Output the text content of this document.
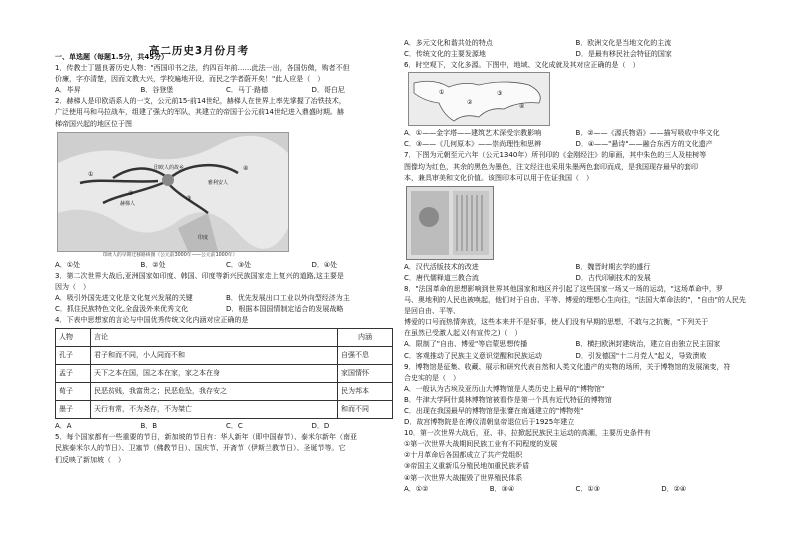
高二历史3月份月考
一、单选题（每题1.5分，共45分）

1．传教士丁题良著历史人物："西国印书之法，约四百年前……此法一出，各国仿傚，购者不但

价廉，字亦清楚，因而文教大兴，学校遍地开设，而民之学者蔚开矣！"此人应是（　）

A．毕昇	B．谷登堡	C．马丁·路德	D．哥白尼

2．赫梯人是印欧语系人的一支，公元前15-前14世纪，赫梯人在世界上率先掌握了冶铁技术，

广泛使用马和马拉战车，组建了强大的军队，其建立的帝国于公元前14世纪进入鼎盛时期。赫

梯帝国兴起的地区位于图

印欧人的故乡
雅利安人
赫梯人
印度
①
②
③
④
印欧人的早期迁移路线图（公元前3000年——公元前1000年）
A．①处	B．②处	C．③处	D．④处

3．第二次世界大战后,亚洲国家如印度、韩国、印度等新兴民族国家走上复兴的道路,这主要是

因为（　）

A．吸引外国先进文化是文化复兴发展的关键	B．优先发展出口工业以外向型经济为主
C．抓住民族特色文化,全盘汲外来优秀文化	D．根据本国国情制定适合的发展战略

4．下表中思想家的言论与中国优秀传统文化内涵对应正确的是

人物	言论	内涵
孔子	君子和而不同，小人同而不和	自强不息
孟子	天下之本在国，国之本在家，家之本在身	家国情怀
荀子	民恶贫贱，我富贵之；民恶危坠，我存安之	民为邦本
墨子	天行有常，不为尧存，不为桀亡	和而不同
A．A	B．B	C．C	D．D

5．每个国家都有一些重要的节日，新加坡的节日有：华人新年（即中国春节）、泰米尔新年（南亚

民族泰米尔人的节日）、卫塞节（佛教节日）、国庆节、开斋节（伊斯兰教节日）、圣诞节等。它

们反映了新加坡（　）

A．多元文化和谐共处的特点	B．欧洲文化是当地文化的主流
C．传统文化的主要发源地	D．是最有移民社会特征的国家

6．时空观下，文化多源。下图中，地域、文化成就及其对应正确的是（　）

①
②
③
④
A．①——金字塔——建筑艺术深受宗教影响	B．②——《源氏物语》——描写吸收中华文化
C．③——《几何原本》——崇尚理性和思辨	D．④——"悬诗"——融合东西方的文化遗产

7．下图为元朝至元六年（公元1340年）所刊印的《金刚经注》的扉画，其中朱色的三人及桂树等

图像均为红色，其余的黑色为墨色，注文经注也采用朱墨两色套印而成，是我国现存最早的套印

本，兼具审美和文化价值。该图印本可以用于佐证我国（　）

A．汉代活版技术的改进	B．魏晋时期玄学的盛行
C．唐代儒释道三教合流	D．古代印刷技术的发展

8．"法国革命的思想影响到世界其他国家和地区并引起了这些国家一场又一场的运动，"这场革命中，罗

马、奥地利的人民也被唤起，他们对于自由、平等、博爱的理想心生向往，"法国大革命法的"，"自由"的人民先是回自由、平等、

博爱的口号而热情奔放，这些本来并不是好事，使人们没有早期的思想，不敢与之抗衡，"下列关于

在虽然已受激人起义(有宣传之)（　）

A．限制了"自由、博爱"等启蒙思想传播	B．横扫欧洲封建统治，建立自由独立民主国家
C．客观推动了民族主义意识觉醒和民族运动	D．引发德国"十二月党人"起义，导致溃败

9．博物馆是征集、收藏、展示和研究代表自然和人类文化遗产的实物的场所，关于博物馆的发展演变，符

合史实的是（　）

A．一般认为古埃及亚历山大博物馆是人类历史上最早的"博物馆"

B．牛津大学阿什莫林博物馆被看作是第一个具有近代特征的博物馆

C．出现在我国最早的博物馆是张謇在南通建立的"博物苑"

D．故宫博物院是在溥仪清朝皇帝退位后于1925年建立

10．第一次世界大战后，亚、非、拉掀起民族民主运动的高潮，主要历史条件有

①第一次世界大战期间民族工业有不同程度的发展

②十月革命后各国都成立了共产党组织

③帝国主义重新瓜分殖民地加重民族矛盾

④第一次世界大战摧毁了世界殖民体系

A．①②	B．③④	C．①③	D．②④
